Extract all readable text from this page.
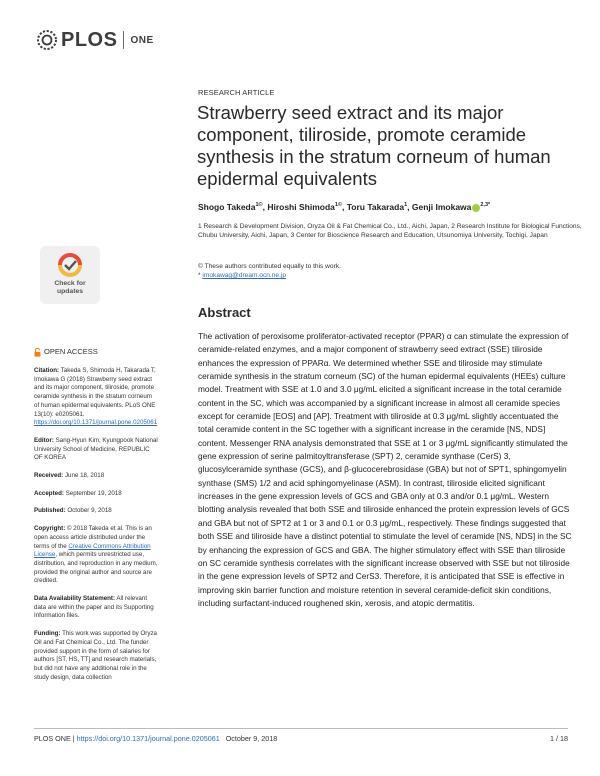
PLOS ONE
RESEARCH ARTICLE
Strawberry seed extract and its major component, tiliroside, promote ceramide synthesis in the stratum corneum of human epidermal equivalents
Shogo Takeda$^{1©}$, Hiroshi Shimoda$^{1©}$, Toru Takarada$^1$, Genji Imokawa $^{2,3*}$
1 Research & Development Division, Oryza Oil & Fat Chemical Co., Ltd., Aichi, Japan, 2 Research Institute for Biological Functions, Chubu University, Aichi, Japan, 3 Center for Bioscience Research and Education, Utsunomiya University, Tochigi, Japan
© These authors contributed equally to this work.
* imokawag@dream.ocn.ne.jp
Abstract

The activation of peroxisome proliferator-activated receptor (PPAR) α can stimulate the expression of ceramide-related enzymes, and a major component of strawberry seed extract (SSE) tiliroside enhances the expression of PPARα. We determined whether SSE and tiliroside may stimulate ceramide synthesis in the stratum corneum (SC) of the human epidermal equivalents (HEEs) culture model. Treatment with SSE at 1.0 and 3.0 μg/mL elicited a significant increase in the total ceramide content in the SC, which was accompanied by a significant increase in almost all ceramide species except for ceramide [EOS] and [AP]. Treatment with tiliroside at 0.3 μg/mL slightly accentuated the total ceramide content in the SC together with a significant increase in the ceramide [NS, NDS] content. Messenger RNA analysis demonstrated that SSE at 1 or 3 μg/mL significantly stimulated the gene expression of serine palmitoyltransferase (SPT) 2, ceramide synthase (CerS) 3, glucosylceramide synthase (GCS), and β-glucocerebrosidase (GBA) but not of SPT1, sphingomyelin synthase (SMS) 1/2 and acid sphingomyelinase (ASM). In contrast, tiliroside elicited significant increases in the gene expression levels of GCS and GBA only at 0.3 and/or 0.1 μg/mL. Western blotting analysis revealed that both SSE and tiliroside enhanced the protein expression levels of GCS and GBA but not of SPT2 at 1 or 3 and 0.1 or 0.3 μg/mL, respectively. These findings suggested that both SSE and tiliroside have a distinct potential to stimulate the level of ceramide [NS, NDS] in the SC by enhancing the expression of GCS and GBA. The higher stimulatory effect with SSE than tiliroside on SC ceramide synthesis correlates with the significant increase observed with SSE but not tiliroside in the gene expression levels of SPT2 and CerS3. Therefore, it is anticipated that SSE is effective in improving skin barrier function and moisture retention in several ceramide-deficit skin conditions, including surfactant-induced roughened skin, xerosis, and atopic dermatitis.

Check for
updates
OPEN ACCESS
Citation: Takeda S, Shimoda H, Takarada T, Imokawa G (2018) Strawberry seed extract and its major component, tiliroside, promote ceramide synthesis in the stratum corneum of human epidermal equivalents. PLoS ONE 13(10): e0205061. https://doi.org/10.1371/journal.pone.0205061
Editor: Sang-Hyun Kim, Kyungpook National University School of Medicine, REPUBLIC OF KOREA
Received: June 18, 2018
Accepted: September 19, 2018
Published: October 9, 2018
Copyright: © 2018 Takeda et al. This is an open access article distributed under the terms of the Creative Commons Attribution License, which permits unrestricted use, distribution, and reproduction in any medium, provided the original author and source are credited.
Data Availability Statement: All relevant data are within the paper and its Supporting Information files.
Funding: This work was supported by Oryza Oil and Fat Chemical Co., Ltd. The funder provided support in the form of salaries for authors [ST, HS, TT] and research materials, but did not have any additional role in the study design, data collection
PLOS ONE | https://doi.org/10.1371/journal.pone.0205061 October 9, 2018	1 / 18
